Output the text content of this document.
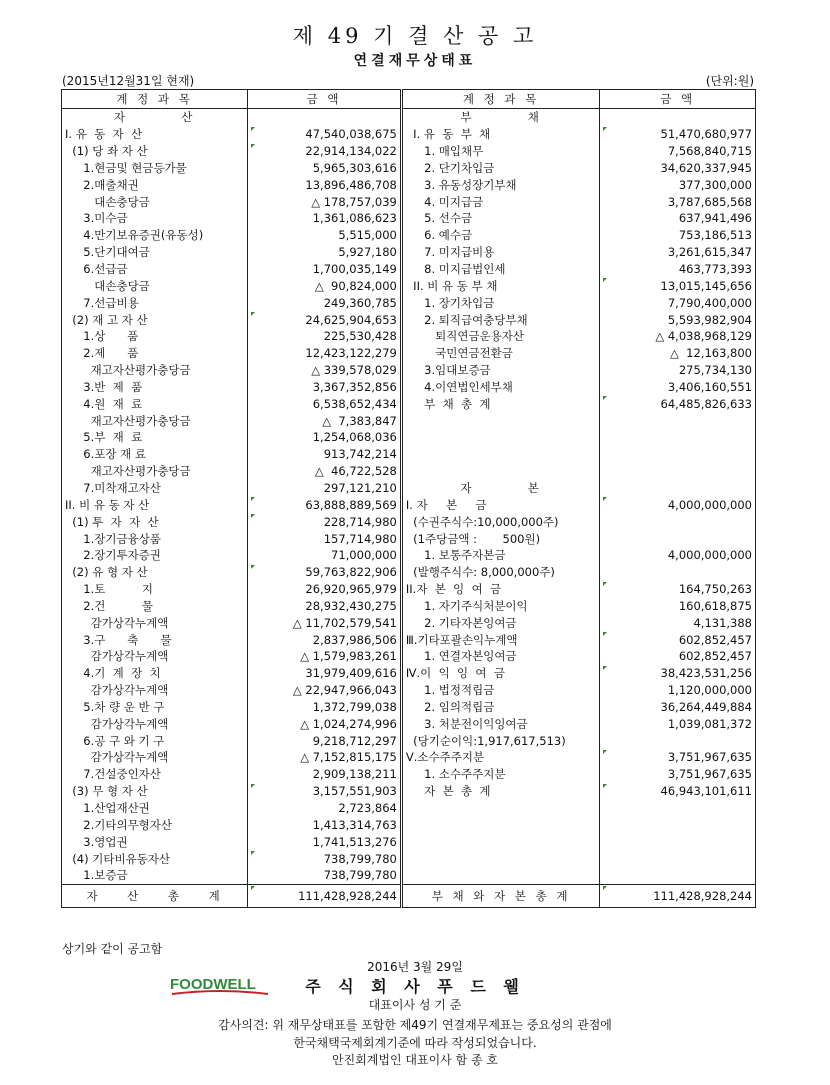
제 49 기 결 산 공 고
연결재무상태표
(2015년12월31일 현재)	(단위:원)
계 정 과 목	금 액	계 정 과 목	금 액

자        산		부        채	

I. 유  동  자  산	47,540,038,675	I. 유  동  부  채	51,470,680,977
(1) 당 좌 자 산	22,914,134,022	1. 매입채무	7,568,840,715
1.현금및 현금등가물	5,965,303,616	2. 단기차입금	34,620,337,945
2.매출채권	13,896,486,708	3. 유동성장기부채	377,300,000
대손충당금	△ 178,757,039	4. 미지급금	3,787,685,568
3.미수금	1,361,086,623	5. 선수금	637,941,496
4.만기보유증권(유동성)	5,515,000	6. 예수금	753,186,513
5.단기대여금	5,927,180	7. 미지급비용	3,261,615,347
6.선급금	1,700,035,149	8. 미지급법인세	463,773,393
대손충당금	△  90,824,000	II. 비 유 동 부 채	13,015,145,656
7.선급비용	249,360,785	1. 장기차입금	7,790,400,000
(2) 재 고 자 산	24,625,904,653	2. 퇴직급여충당부채	5,593,982,904
1.상      품	225,530,428	퇴직연금운용자산	△ 4,038,968,129
2.제      품	12,423,122,279	국민연금전환금	△  12,163,800
재고자산평가충당금	△ 339,578,029	3.임대보증금	275,734,130
3.반  제  품	3,367,352,856	4.이연법인세부채	3,406,160,551
4.원  재  료	6,538,652,434	부  채  총  계	64,485,826,633
재고자산평가충당금	△  7,383,847		
5.부  재  료	1,254,068,036		
6.포장 재 료	913,742,214		
재고자산평가충당금	△  46,722,528		
7.미착재고자산	297,121,210	자        본	

II. 비 유 동 자 산	63,888,889,569	I. 자     본     금	4,000,000,000
(1) 투  자  자  산	228,714,980	(수권주식수:10,000,000주)	
1.장기금융상품	157,714,980	(1주당금액 :       500원)	
2.장기투자증권	71,000,000	1. 보통주자본금	4,000,000,000
(2) 유 형 자 산	59,763,822,906	(발행주식수: 8,000,000주)	
1.토          지	26,920,965,979	II.자  본  잉  여  금	164,750,263
2.건          물	28,932,430,275	1. 자기주식처분이익	160,618,875
감가상각누계액	△ 11,702,579,541	2. 기타자본잉여금	4,131,388
3.구      축      물	2,837,986,506	Ⅲ.기타포괄손익누계액	602,852,457
감가상각누계액	△ 1,579,983,261	1. 연결자본잉여금	602,852,457
4.기  계  장  치	31,979,409,616	Ⅳ.이  익  잉  여  금	38,423,531,256
감가상각누계액	△ 22,947,966,043	1. 법정적립금	1,120,000,000
5.차 량 운 반 구	1,372,799,038	2. 임의적립금	36,264,449,884
감가상각누계액	△ 1,024,274,996	3. 처분전이익잉여금	1,039,081,372
6.공 구 와 기 구	9,218,712,297	(당기순이익:1,917,617,513)	
감가상각누계액	△ 7,152,815,175	Ⅴ.소수주주지분	3,751,967,635
7.건설중인자산	2,909,138,211	1. 소수주주지분	3,751,967,635
(3) 무 형 자 산	3,157,551,903	자  본  총  계	46,943,101,611
1.산업재산권	2,723,864		
2.기타의무형자산	1,413,314,763		
3.영업권	1,741,513,276		
(4) 기타비유동자산	738,799,780		
1.보증금	738,799,780		

자    산    총    계	111,428,928,244	부 채 와 자 본 총 계	111,428,928,244
상기와 같이 공고함
2016년 3월 29일
FOODWELL	주 식 회 사 푸 드 웰
대표이사 성 기 준
감사의견: 위 재무상태표를 포함한 제49기 연결재무제표는 중요성의 관점에
한국채택국제회계기준에 따라 작성되었습니다.
안진회계법인 대표이사 함 종 호
